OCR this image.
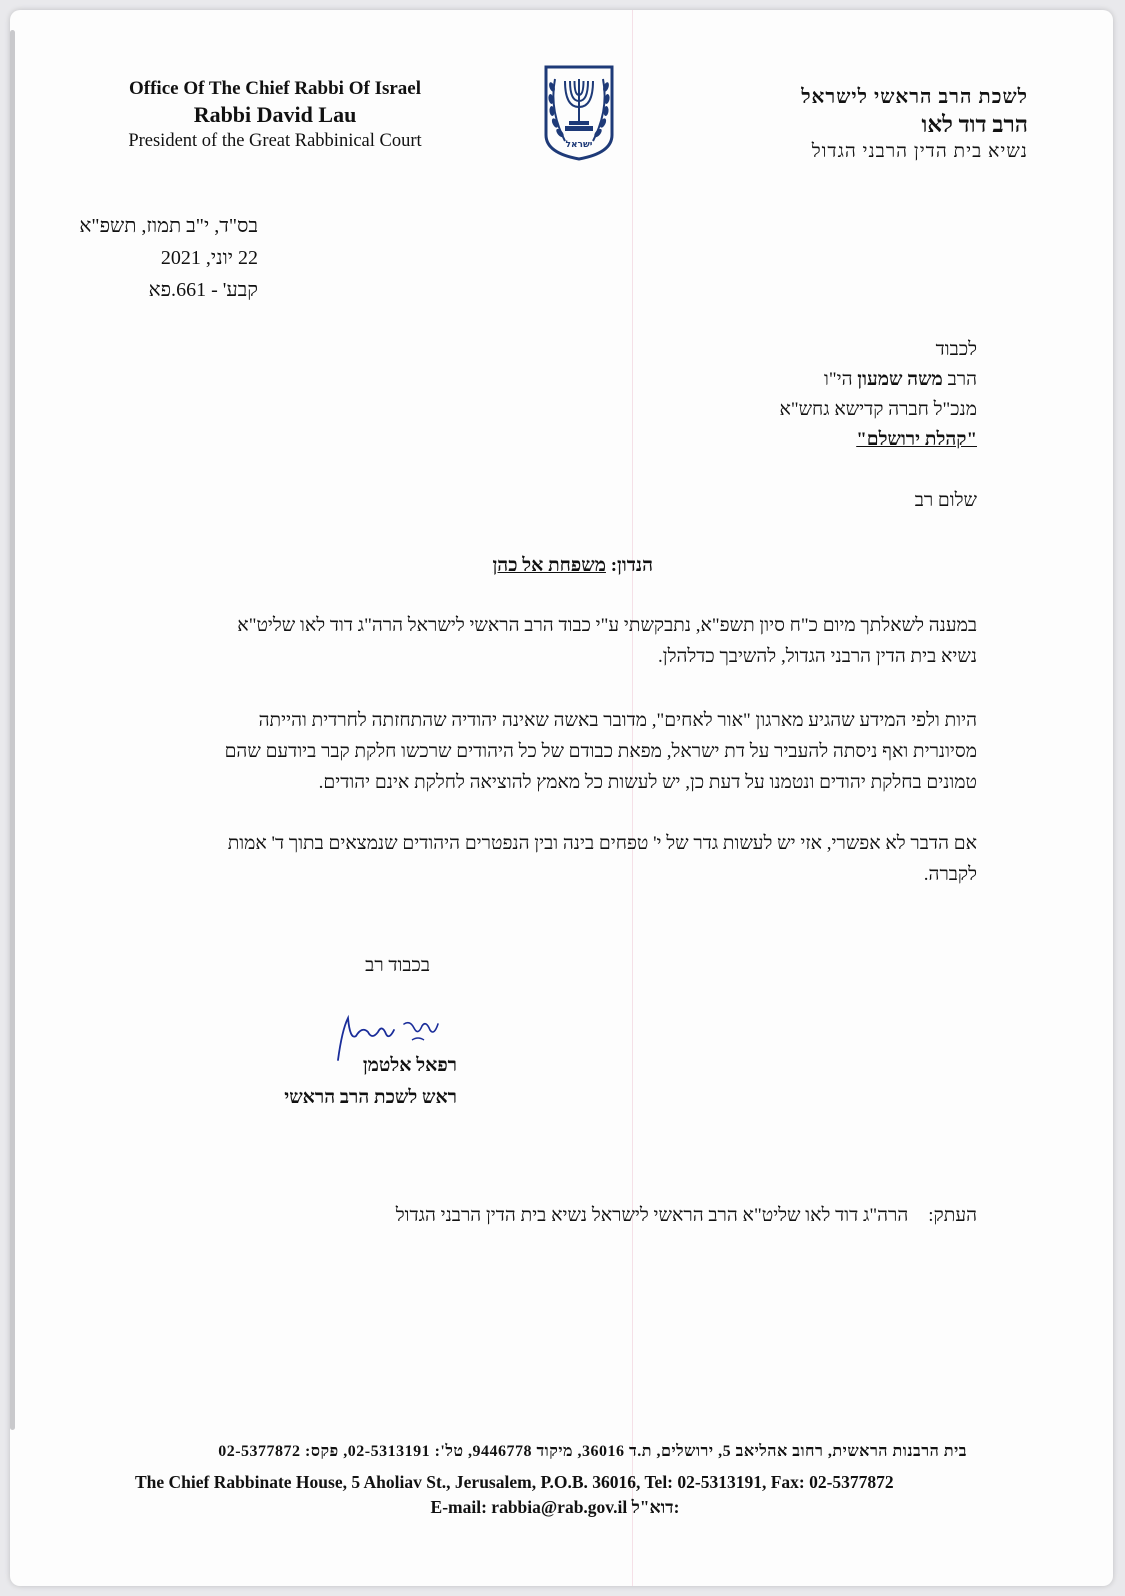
Office Of The Chief Rabbi Of Israel
Rabbi David Lau
President of the Great Rabbinical Court	ישראל
לשכת הרב הראשי לישראל
הרב דוד לאו
נשיא בית הדין הרבני הגדול
בס"ד, י"ב תמוז, תשפ"א
22 יוני, 2021
קבע' - 661.פא
לכבוד
הרב משה שמעון הי"ו
מנכ"ל חברה קדישא גחש"א
"קהלת ירושלם"
שלום רב
הנדון: משפחת אל כהן
במענה לשאלתך מיום כ"ח סיון תשפ"א, נתבקשתי ע"י כבוד הרב הראשי לישראל הרה"ג דוד לאו שליט"א
נשיא בית הדין הרבני הגדול, להשיבך כדלהלן.
היות ולפי המידע שהגיע מארגון "אור לאחים", מדובר באשה שאינה יהודיה שהתחזתה לחרדית והייתה
מסיונרית ואף ניסתה להעביר על דת ישראל, מפאת כבודם של כל היהודים שרכשו חלקת קבר ביודעם שהם
טמונים בחלקת יהודים ונטמנו על דעת כן, יש לעשות כל מאמץ להוציאה לחלקת אינם יהודים.
אם הדבר לא אפשרי, אזי יש לעשות גדר של י' טפחים בינה ובין הנפטרים היהודים שנמצאים בתוך ד' אמות
לקברה.
בכבוד רב
רפאל אלטמן
ראש לשכת הרב הראשי
העתק:הרה"ג דוד לאו שליט"א הרב הראשי לישראל נשיא בית הדין הרבני הגדול
בית הרבנות הראשית, רחוב אהליאב 5, ירושלים, ת.ד 36016, מיקוד 9446778, טל': 02-5313191, פקס: 02-5377872
The Chief Rabbinate House, 5 Aholiav St., Jerusalem, P.O.B. 36016, Tel: 02-5313191, Fax: 02-5377872
E-mail: rabbia@rab.gov.il דוא"ל:
